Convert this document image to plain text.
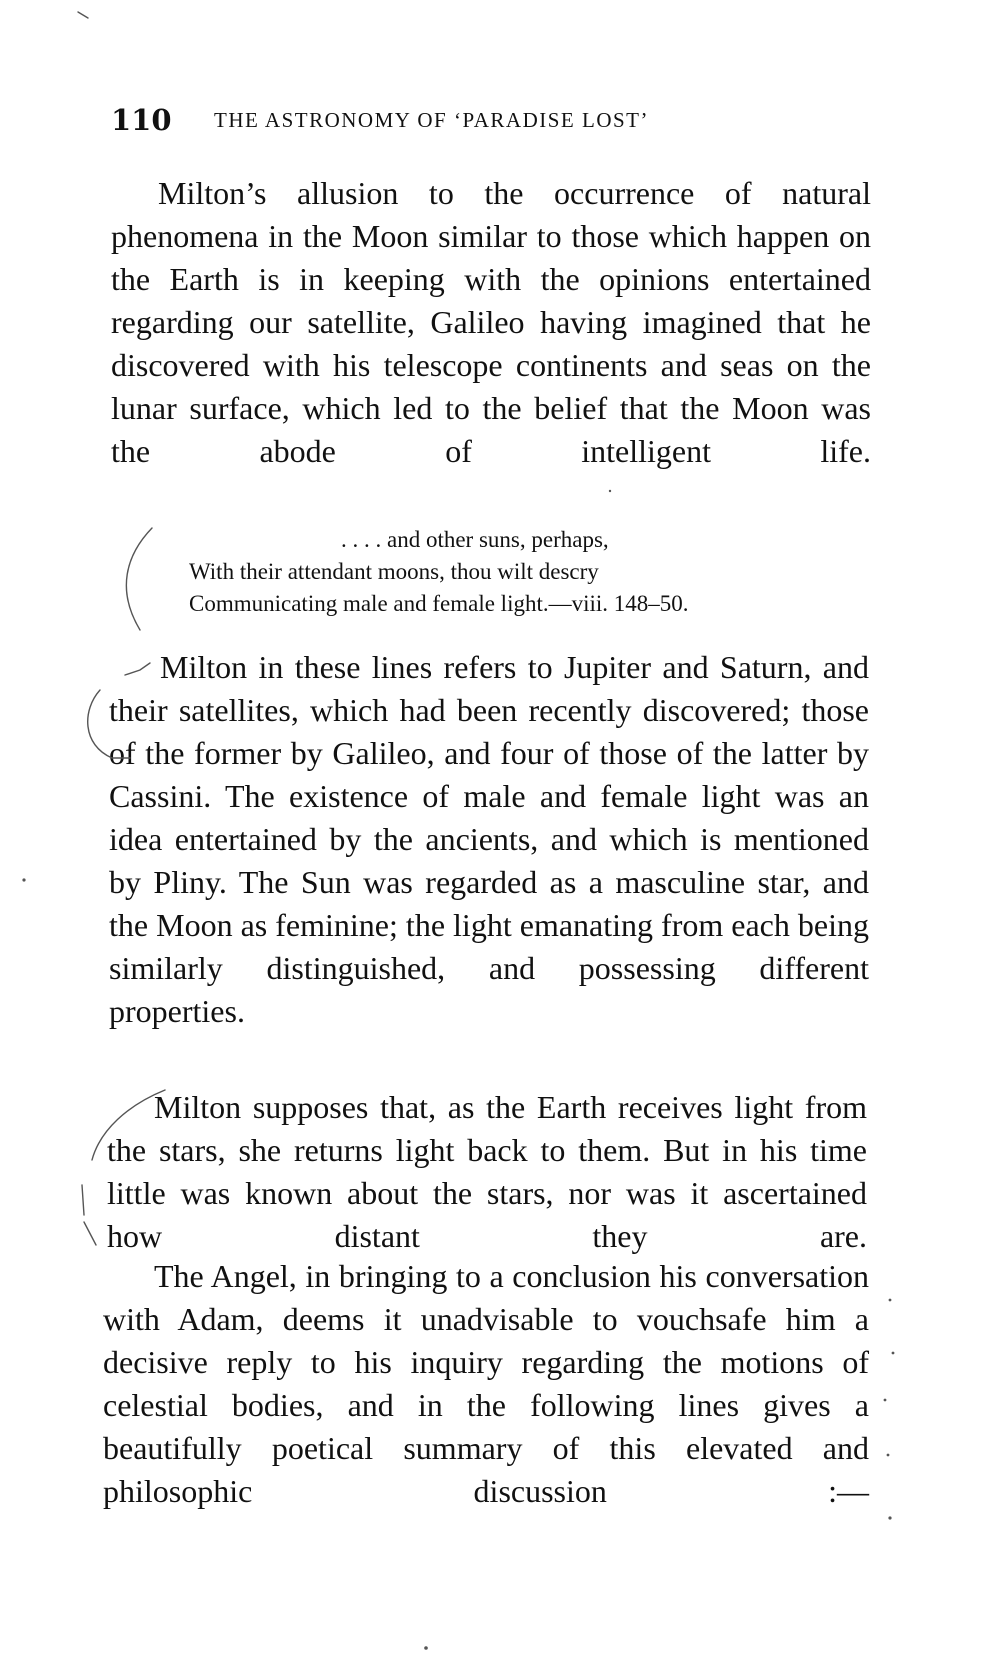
110 THE ASTRONOMY OF ‘PARADISE LOST’

Milton’s allusion to the occurrence of natural phenomena in the Moon similar to those which happen on the Earth is in keeping with the opinions entertained regarding our satellite, Galileo having imagined that he discovered with his telescope continents and seas on the lunar surface, which led to the belief that the Moon was the abode of intelligent life.

. . . . and other suns, perhaps,
With their attendant moons, thou wilt descry
Communicating male and female light.—viii. 148–50.

Milton in these lines refers to Jupiter and Saturn, and their satellites, which had been recently discovered; those of the former by Galileo, and four of those of the latter by Cassini. The existence of male and female light was an idea entertained by the ancients, and which is mentioned by Pliny. The Sun was regarded as a masculine star, and the Moon as feminine; the light emanating from each being similarly distinguished, and possessing different properties.

Milton supposes that, as the Earth receives light from the stars, she returns light back to them. But in his time little was known about the stars, nor was it ascertained how distant they are.

The Angel, in bringing to a conclusion his conversation with Adam, deems it unadvisable to vouchsafe him a decisive reply to his inquiry regarding the motions of celestial bodies, and in the following lines gives a beautifully poetical summary of this elevated and philosophic discussion :—
